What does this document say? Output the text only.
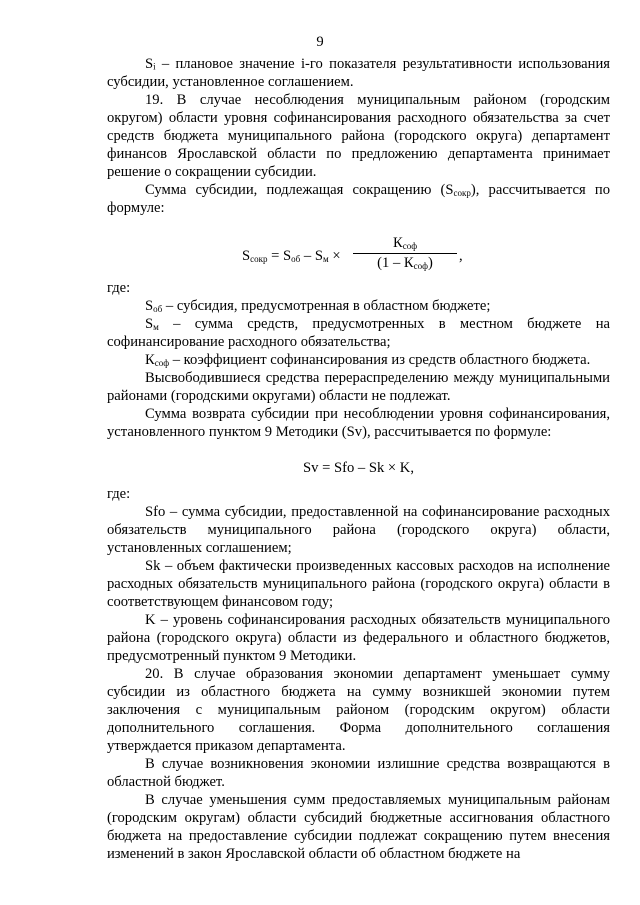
9

Sᵢ – плановое значение i-го показателя результативности использования субсидии, установленное соглашением.

19. В случае несоблюдения муниципальным районом (городским округом) области уровня софинансирования расходного обязательства за счет средств бюджета муниципального района (городского округа) департамент финансов Ярославской области по предложению департамента принимает решение о сокращении субсидии.

Сумма субсидии, подлежащая сокращению $(S_{сокр})$, рассчитывается по формуле:

$S_{сокр} = S_{об} - S_м$ ×
$К_{соф}$
$(1 - К_{соф})$	,

где:

$S_{об}$ – субсидия, предусмотренная в областном бюджете;

$S_м$ – сумма средств, предусмотренных в местном бюджете на софинансирование расходного обязательства;

$К_{соф}$ – коэффициент софинансирования из средств областного бюджета.

Высвободившиеся средства перераспределению между муниципальными районами (городскими округами) области не подлежат.

Сумма возврата субсидии при несоблюдении уровня софинансирования, установленного пунктом 9 Методики (Sv), рассчитывается по формуле:

Sv = Sfo – Sk × K,

где:

Sfo – сумма субсидии, предоставленной на софинансирование расходных обязательств муниципального района (городского округа) области, установленных соглашением;

Sk – объем фактически произведенных кассовых расходов на исполнение расходных обязательств муниципального района (городского округа) области в соответствующем финансовом году;

K – уровень софинансирования расходных обязательств муниципального района (городского округа) области из федерального и областного бюджетов, предусмотренный пунктом 9 Методики.

20. В случае образования экономии департамент уменьшает сумму субсидии из областного бюджета на сумму возникшей экономии путем заключения с муниципальным районом (городским округом) области дополнительного соглашения. Форма дополнительного соглашения утверждается приказом департамента.

В случае возникновения экономии излишние средства возвращаются в областной бюджет.

В случае уменьшения сумм предоставляемых муниципальным районам (городским округам) области субсидий бюджетные ассигнования областного бюджета на предоставление субсидии подлежат сокращению путем внесения изменений в закон Ярославской области об областном бюджете на
